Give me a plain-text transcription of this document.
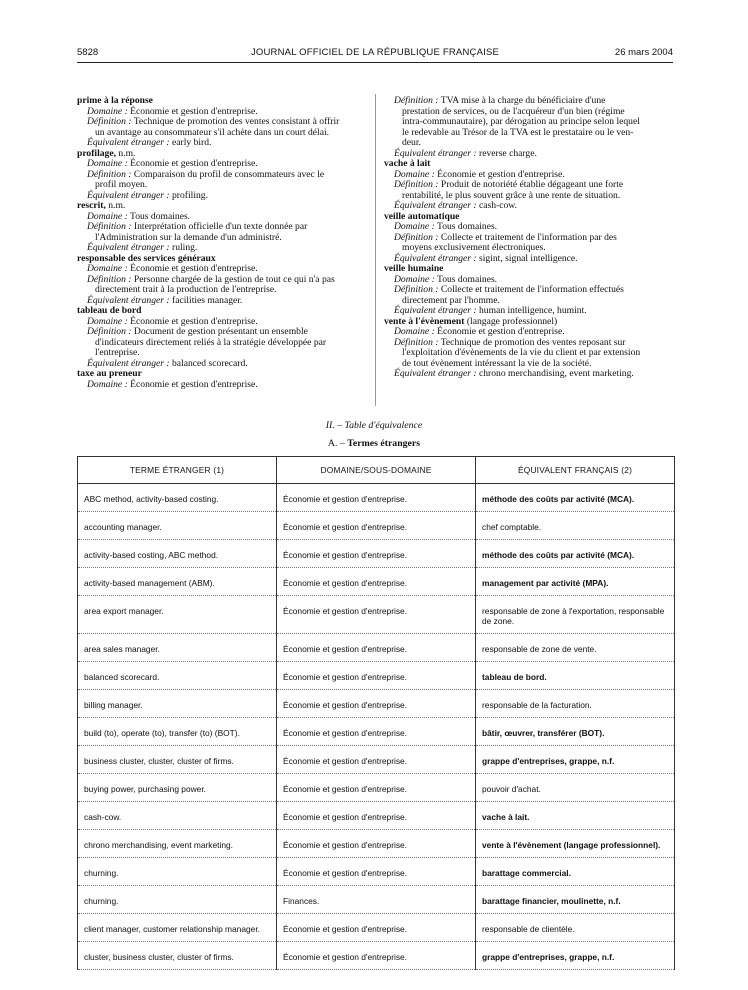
5828	JOURNAL OFFICIEL DE LA RÉPUBLIQUE FRANÇAISE	26 mars 2004
prime à la réponse
Domaine : Économie et gestion d'entreprise.
Définition : Technique de promotion des ventes consistant à offrir
un avantage au consommateur s'il achète dans un court délai.
Équivalent étranger : early bird.
profilage, n.m.
Domaine : Économie et gestion d'entreprise.
Définition : Comparaison du profil de consommateurs avec le
profil moyen.
Équivalent étranger : profiling.
rescrit, n.m.
Domaine : Tous domaines.
Définition : Interprétation officielle d'un texte donnée par
l'Administration sur la demande d'un administré.
Équivalent étranger : ruling.
responsable des services généraux
Domaine : Économie et gestion d'entreprise.
Définition : Personne chargée de la gestion de tout ce qui n'a pas
directement trait à la production de l'entreprise.
Équivalent étranger : facilities manager.
tableau de bord
Domaine : Économie et gestion d'entreprise.
Définition : Document de gestion présentant un ensemble
d'indicateurs directement reliés à la stratégie développée par
l'entreprise.
Équivalent étranger : balanced scorecard.
taxe au preneur
Domaine : Économie et gestion d'entreprise.
Définition : TVA mise à la charge du bénéficiaire d'une
prestation de services, ou de l'acquéreur d'un bien (régime
intra-communautaire), par dérogation au principe selon lequel
le redevable au Trésor de la TVA est le prestataire ou le ven-
deur.
Équivalent étranger : reverse charge.
vache à lait
Domaine : Économie et gestion d'entreprise.
Définition : Produit de notoriété établie dégageant une forte
rentabilité, le plus souvent grâce à une rente de situation.
Équivalent étranger : cash-cow.
veille automatique
Domaine : Tous domaines.
Définition : Collecte et traitement de l'information par des
moyens exclusivement électroniques.
Équivalent étranger : sigint, signal intelligence.
veille humaine
Domaine : Tous domaines.
Définition : Collecte et traitement de l'information effectués
directement par l'homme.
Équivalent étranger : human intelligence, humint.
vente à l'évènement (langage professionnel)
Domaine : Économie et gestion d'entreprise.
Définition : Technique de promotion des ventes reposant sur
l'exploitation d'évènements de la vie du client et par extension
de tout évènement intéressant la vie de la société.
Équivalent étranger : chrono merchandising, event marketing.
II. – Table d'équivalence
A. – Termes étrangers
TERME ÉTRANGER (1)	DOMAINE/SOUS-DOMAINE	ÉQUIVALENT FRANÇAIS (2)
ABC method, activity-based costing.	Économie et gestion d'entreprise.	méthode des coûts par activité (MCA).
accounting manager.	Économie et gestion d'entreprise.	chef comptable.
activity-based costing, ABC method.	Économie et gestion d'entreprise.	méthode des coûts par activité (MCA).
activity-based management (ABM).	Économie et gestion d'entreprise.	management par activité (MPA).
area export manager.	Économie et gestion d'entreprise.	responsable de zone à l'exportation, responsable de zone.
area sales manager.	Économie et gestion d'entreprise.	responsable de zone de vente.
balanced scorecard.	Économie et gestion d'entreprise.	tableau de bord.
billing manager.	Économie et gestion d'entreprise.	responsable de la facturation.
build (to), operate (to), transfer (to) (BOT).	Économie et gestion d'entreprise.	bâtir, œuvrer, transférer (BOT).
business cluster, cluster, cluster of firms.	Économie et gestion d'entreprise.	grappe d'entreprises, grappe, n.f.
buying power, purchasing power.	Économie et gestion d'entreprise.	pouvoir d'achat.
cash-cow.	Économie et gestion d'entreprise.	vache à lait.
chrono merchandising, event marketing.	Économie et gestion d'entreprise.	vente à l'évènement (langage professionnel).
churning.	Économie et gestion d'entreprise.	barattage commercial.
churning.	Finances.	barattage financier, moulinette, n.f.
client manager, customer relationship manager.	Économie et gestion d'entreprise.	responsable de clientèle.
cluster, business cluster, cluster of firms.	Économie et gestion d'entreprise.	grappe d'entreprises, grappe, n.f.
